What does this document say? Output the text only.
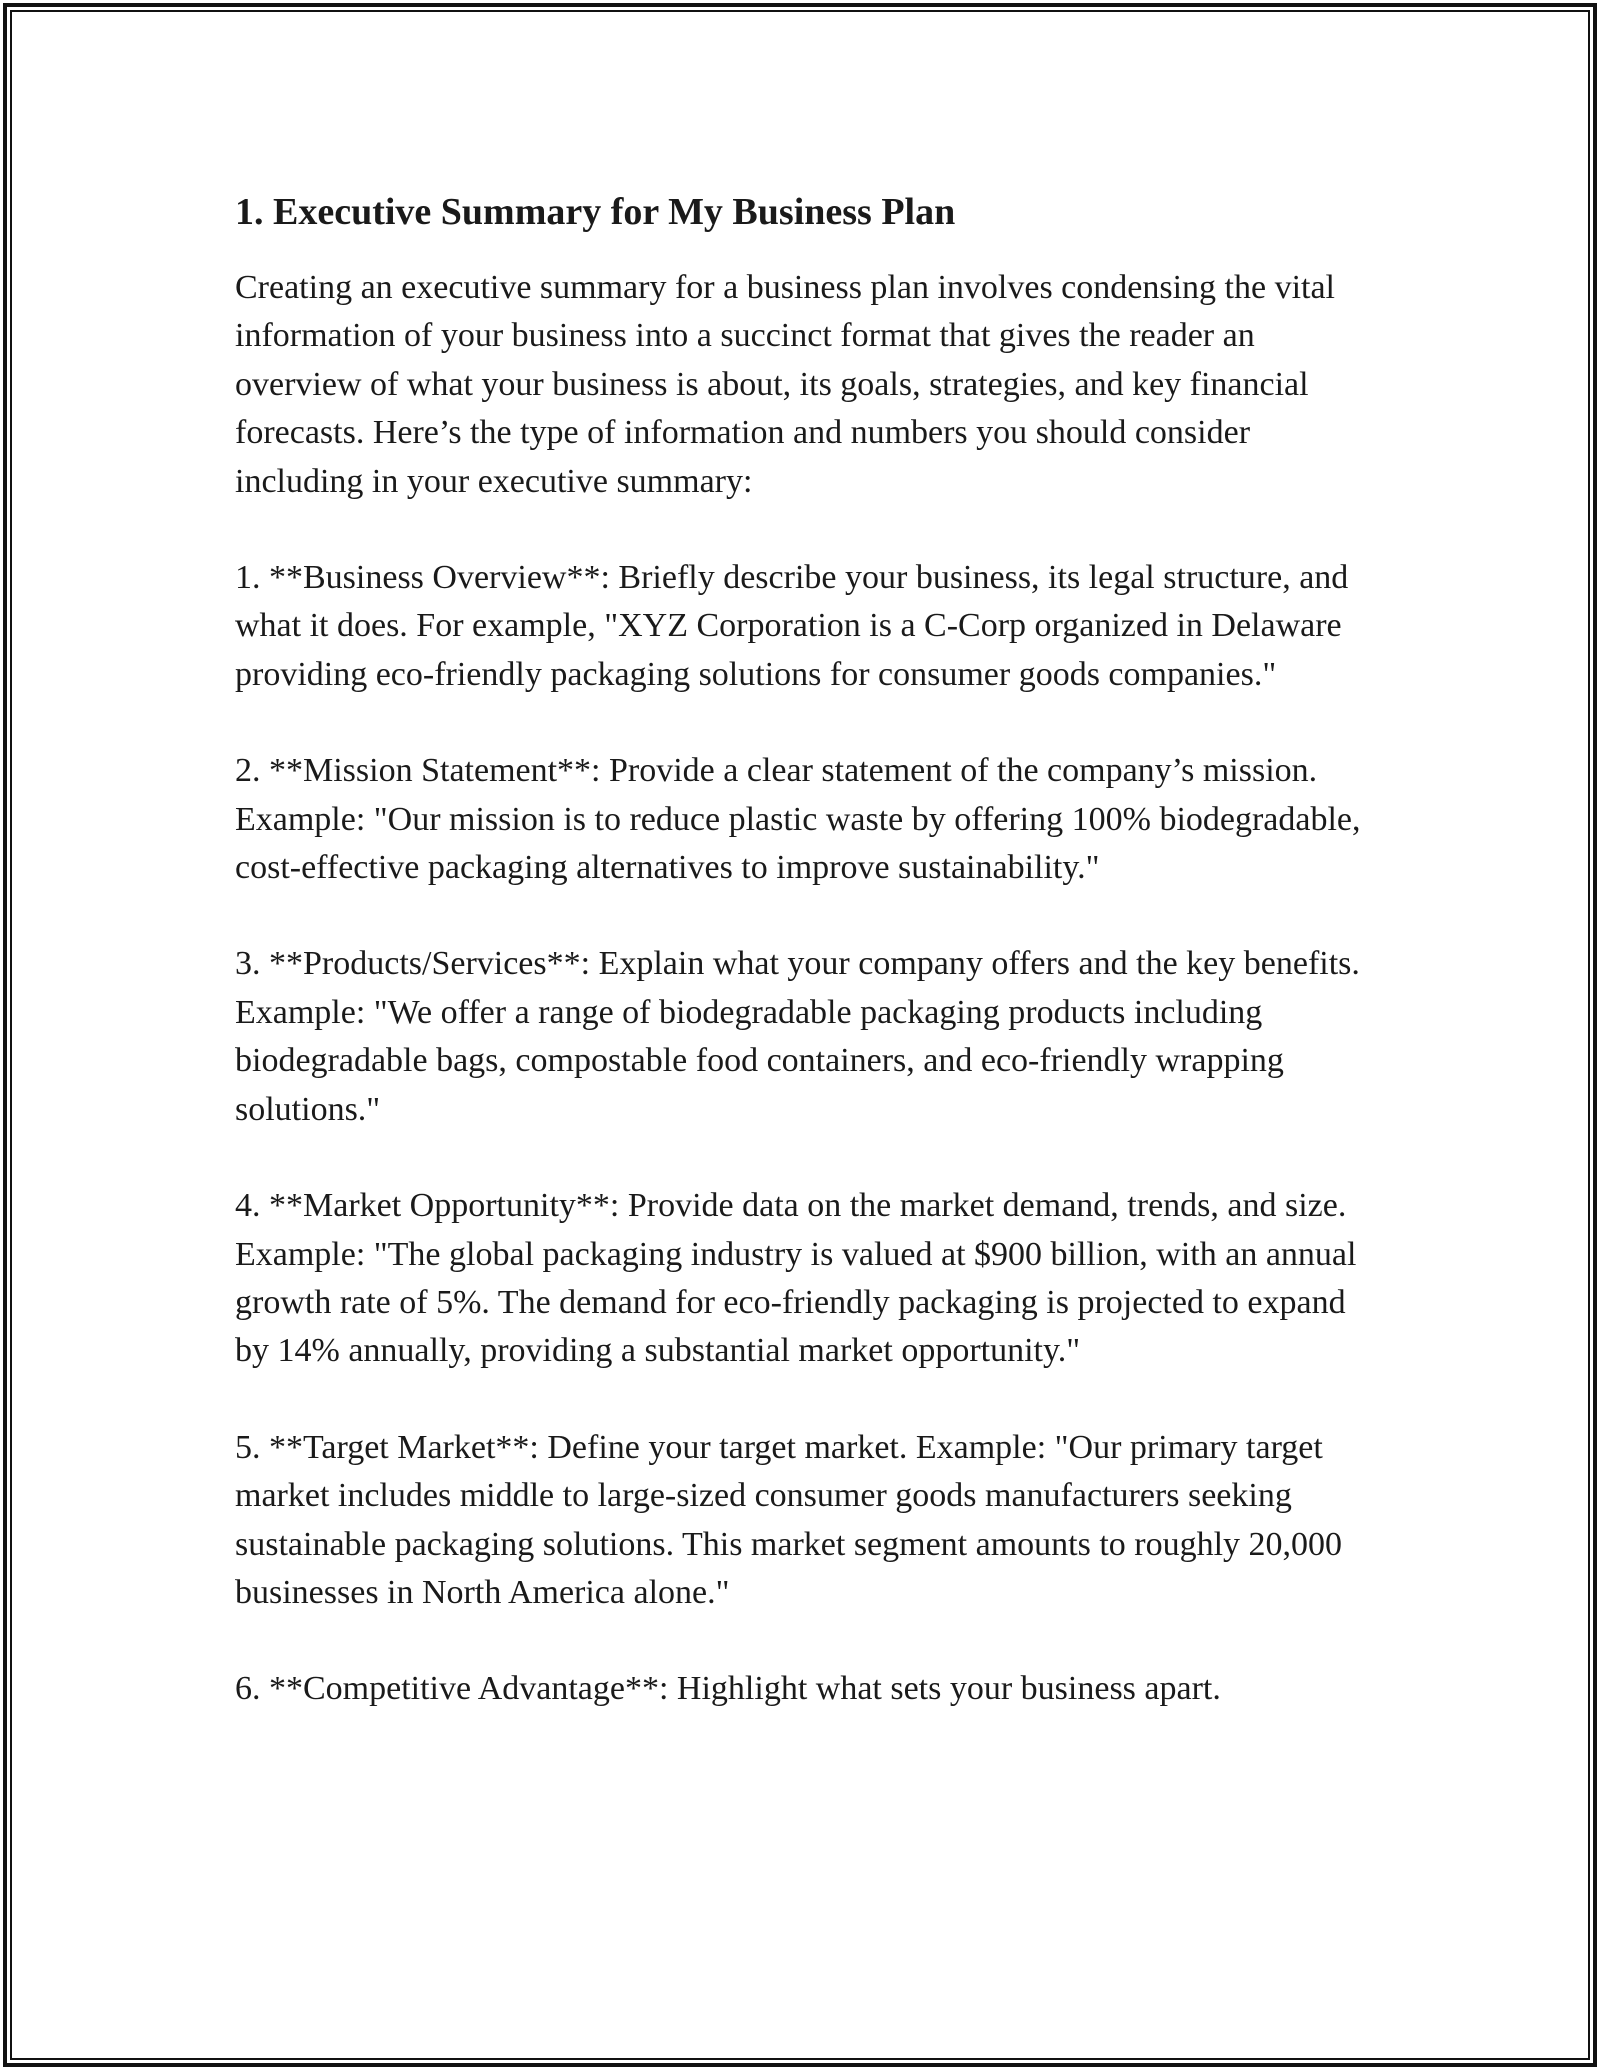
1. Executive Summary for My Business Plan

Creating an executive summary for a business plan involves condensing the vital information of your business into a succinct format that gives the reader an overview of what your business is about, its goals, strategies, and key financial forecasts. Here’s the type of information and numbers you should consider including in your executive summary:

1. **Business Overview**: Briefly describe your business, its legal structure, and what it does. For example, "XYZ Corporation is a C-Corp organized in Delaware providing eco-friendly packaging solutions for consumer goods companies."

2. **Mission Statement**: Provide a clear statement of the company’s mission. Example: "Our mission is to reduce plastic waste by offering 100% biodegradable, cost-effective packaging alternatives to improve sustainability."

3. **Products/Services**: Explain what your company offers and the key benefits. Example: "We offer a range of biodegradable packaging products including biodegradable bags, compostable food containers, and eco-friendly wrapping solutions."

4. **Market Opportunity**: Provide data on the market demand, trends, and size. Example: "The global packaging industry is valued at $900 billion, with an annual growth rate of 5%. The demand for eco-friendly packaging is projected to expand by 14% annually, providing a substantial market opportunity."

5. **Target Market**: Define your target market. Example: "Our primary target market includes middle to large-sized consumer goods manufacturers seeking sustainable packaging solutions. This market segment amounts to roughly 20,000 businesses in North America alone."

6. **Competitive Advantage**: Highlight what sets your business apart.
